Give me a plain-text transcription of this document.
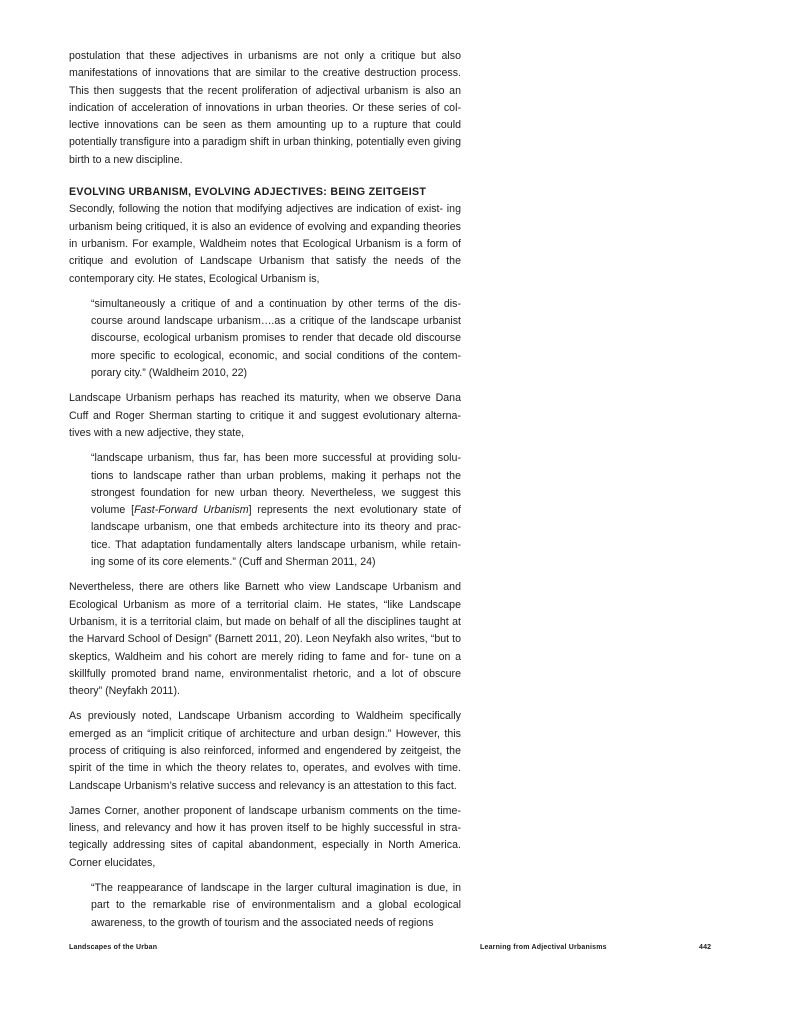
postulation that these adjectives in urbanisms are not only a critique but also manifestations of innovations that are similar to the creative destruction process. This then suggests that the recent proliferation of adjectival urbanism is also an indication of acceleration of innovations in urban theories. Or these series of col- lective innovations can be seen as them amounting up to a rupture that could potentially transfigure into a paradigm shift in urban thinking, potentially even giving birth to a new discipline.

EVOLVING URBANISM, EVOLVING ADJECTIVES: BEING ZEITGEIST

Secondly, following the notion that modifying adjectives are indication of exist- ing urbanism being critiqued, it is also an evidence of evolving and expanding theories in urbanism. For example, Waldheim notes that Ecological Urbanism is a form of critique and evolution of Landscape Urbanism that satisfy the needs of the contemporary city. He states, Ecological Urbanism is,

“simultaneously a critique of and a continuation by other terms of the dis- course around landscape urbanism….as a critique of the landscape urbanist discourse, ecological urbanism promises to render that decade old discourse more specific to ecological, economic, and social conditions of the contem- porary city.” (Waldheim 2010, 22)

Landscape Urbanism perhaps has reached its maturity, when we observe Dana Cuff and Roger Sherman starting to critique it and suggest evolutionary alterna- tives with a new adjective, they state,

“landscape urbanism, thus far, has been more successful at providing solu- tions to landscape rather than urban problems, making it perhaps not the strongest foundation for new urban theory. Nevertheless, we suggest this volume [Fast-Forward Urbanism] represents the next evolutionary state of landscape urbanism, one that embeds architecture into its theory and prac- tice. That adaptation fundamentally alters landscape urbanism, while retain- ing some of its core elements.” (Cuff and Sherman 2011, 24)

Nevertheless, there are others like Barnett who view Landscape Urbanism and Ecological Urbanism as more of a territorial claim. He states, “like Landscape Urbanism, it is a territorial claim, but made on behalf of all the disciplines taught at the Harvard School of Design” (Barnett 2011, 20). Leon Neyfakh also writes, “but to skeptics, Waldheim and his cohort are merely riding to fame and for- tune on a skillfully promoted brand name, environmentalist rhetoric, and a lot of obscure theory” (Neyfakh 2011).

As previously noted, Landscape Urbanism according to Waldheim specifically emerged as an “implicit critique of architecture and urban design.” However, this process of critiquing is also reinforced, informed and engendered by zeitgeist, the spirit of the time in which the theory relates to, operates, and evolves with time. Landscape Urbanism’s relative success and relevancy is an attestation to this fact.

James Corner, another proponent of landscape urbanism comments on the time- liness, and relevancy and how it has proven itself to be highly successful in stra- tegically addressing sites of capital abandonment, especially in North America. Corner elucidates,

“The reappearance of landscape in the larger cultural imagination is due, in part to the remarkable rise of environmentalism and a global ecological awareness, to the growth of tourism and the associated needs of regions
Landscapes of the Urban	Learning from Adjectival Urbanisms	442
